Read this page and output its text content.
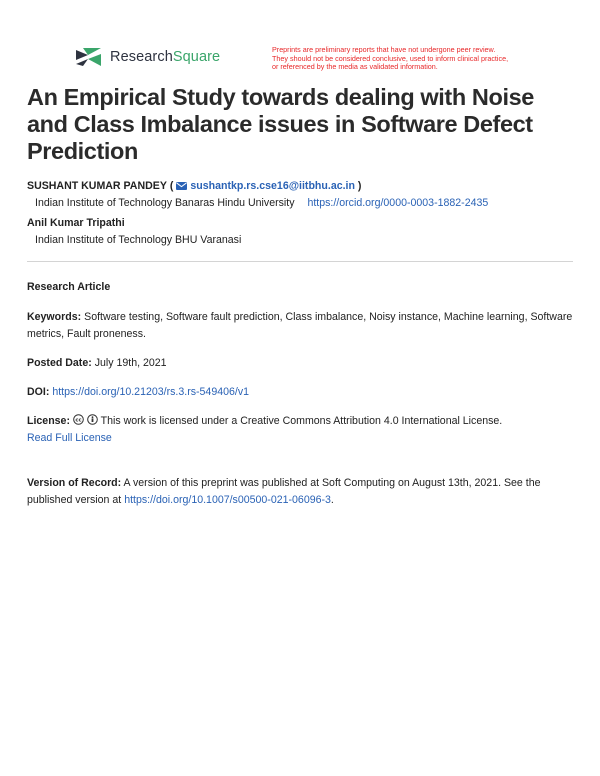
ResearchSquare	Preprints are preliminary reports that have not undergone peer review.
They should not be considered conclusive, used to inform clinical practice,
or referenced by the media as validated information.
An Empirical Study towards dealing with Noise and Class Imbalance issues in Software Defect Prediction
SUSHANT KUMAR PANDEY ( sushantkp.rs.cse16@iitbhu.ac.in )
Indian Institute of Technology Banaras Hindu University https://orcid.org/0000-0003-1882-2435
Anil Kumar Tripathi
Indian Institute of Technology BHU Varanasi
Research Article
Keywords: Software testing, Software fault prediction, Class imbalance, Noisy instance, Machine learning, Software metrics, Fault proneness.
Posted Date: July 19th, 2021
DOI: https://doi.org/10.21203/rs.3.rs-549406/v1
License: cc This work is licensed under a Creative Commons Attribution 4.0 International License.
Read Full License
Version of Record: A version of this preprint was published at Soft Computing on August 13th, 2021. See the published version at https://doi.org/10.1007/s00500-021-06096-3.
